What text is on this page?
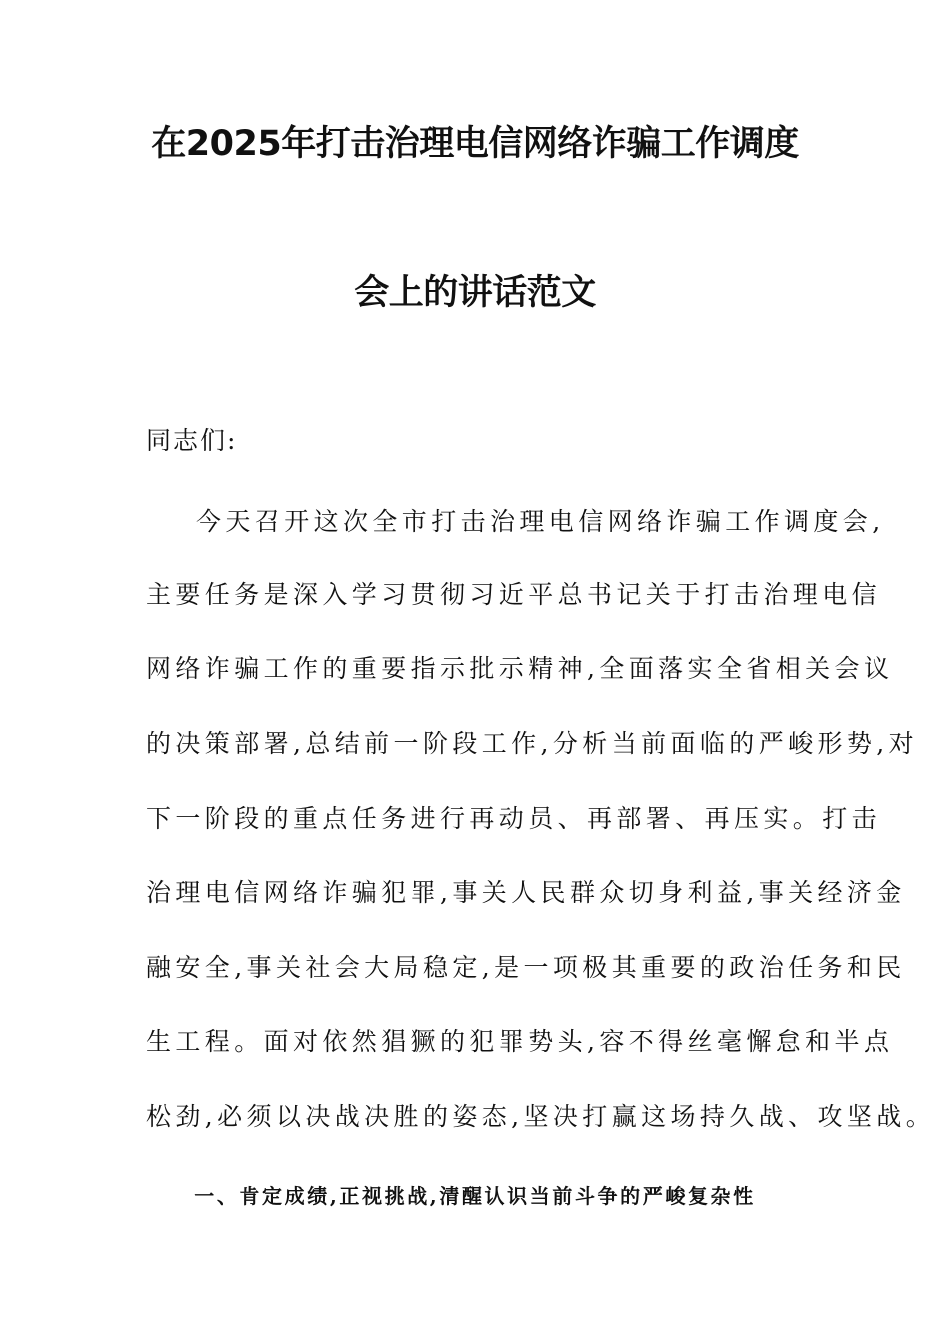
在2025年打击治理电信网络诈骗工作调度
会上的讲话范文
同志们:
今天召开这次全市打击治理电信网络诈骗工作调度会,
主要任务是深入学习贯彻习近平总书记关于打击治理电信
网络诈骗工作的重要指示批示精神,全面落实全省相关会议
的决策部署,总结前一阶段工作,分析当前面临的严峻形势,对
下一阶段的重点任务进行再动员、再部署、再压实。打击
治理电信网络诈骗犯罪,事关人民群众切身利益,事关经济金
融安全,事关社会大局稳定,是一项极其重要的政治任务和民
生工程。面对依然猖獗的犯罪势头,容不得丝毫懈怠和半点
松劲,必须以决战决胜的姿态,坚决打赢这场持久战、攻坚战。
一、肯定成绩,正视挑战,清醒认识当前斗争的严峻复杂性
